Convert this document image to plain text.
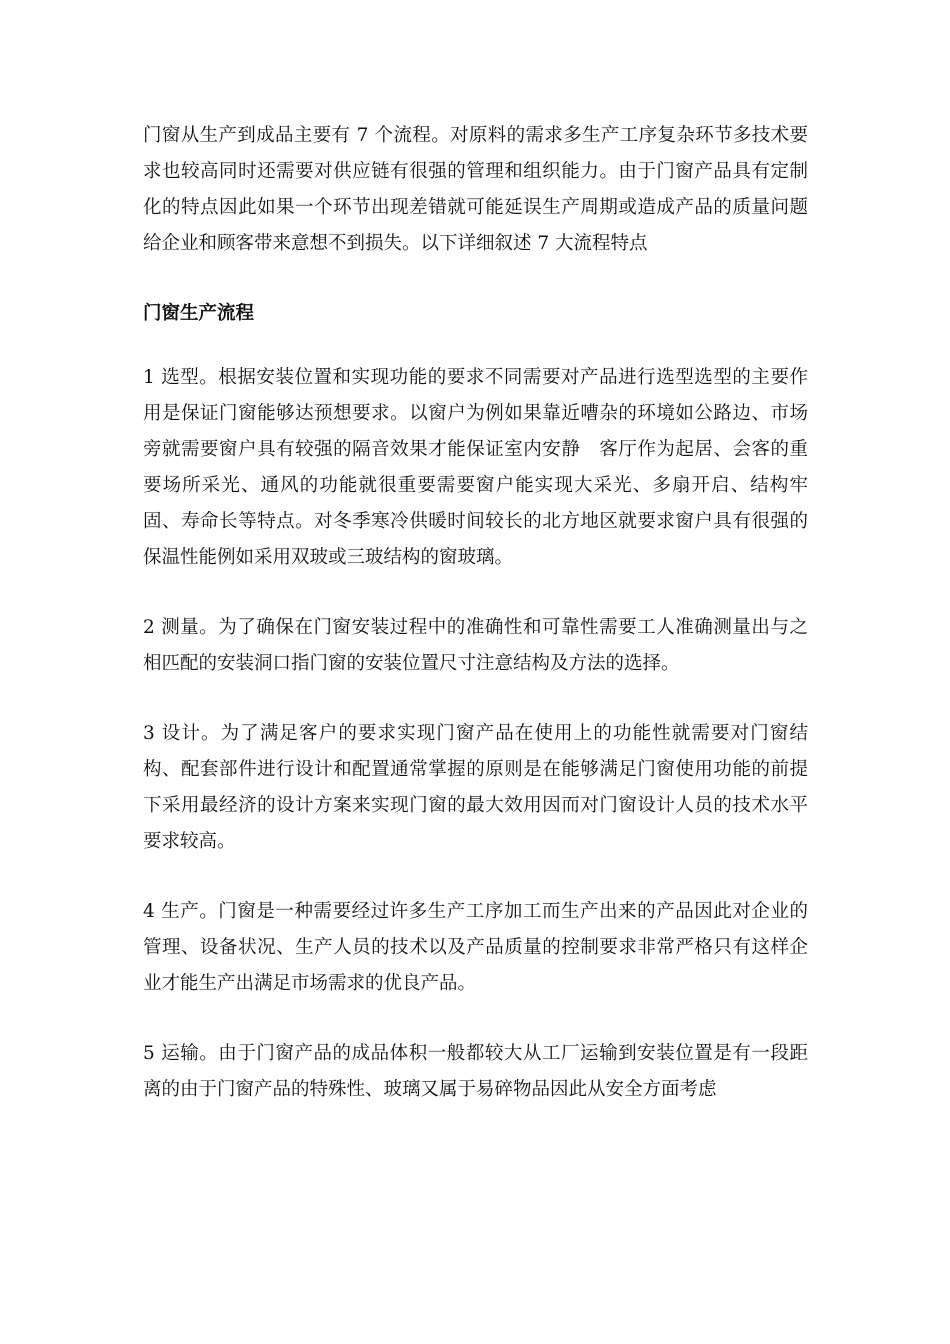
门窗从生产到成品主要有 7 个流程。对原料的需求多生产工序复杂环节多技术要求也较高同时还需要对供应链有很强的管理和组织能力。由于门窗产品具有定制化的特点因此如果一个环节出现差错就可能延误生产周期或造成产品的质量问题给企业和顾客带来意想不到损失。以下详细叙述 7 大流程特点

门窗生产流程

1 选型。根据安装位置和实现功能的要求不同需要对产品进行选型选型的主要作用是保证门窗能够达预想要求。以窗户为例如果靠近嘈杂的环境如公路边、市场旁就需要窗户具有较强的隔音效果才能保证室内安静　客厅作为起居、会客的重要场所采光、通风的功能就很重要需要窗户能实现大采光、多扇开启、结构牢固、寿命长等特点。对冬季寒冷供暖时间较长的北方地区就要求窗户具有很强的保温性能例如采用双玻或三玻结构的窗玻璃。

2 测量。为了确保在门窗安装过程中的准确性和可靠性需要工人准确测量出与之相匹配的安装洞口指门窗的安装位置尺寸注意结构及方法的选择。

3 设计。为了满足客户的要求实现门窗产品在使用上的功能性就需要对门窗结构、配套部件进行设计和配置通常掌握的原则是在能够满足门窗使用功能的前提下采用最经济的设计方案来实现门窗的最大效用因而对门窗设计人员的技术水平要求较高。

4 生产。门窗是一种需要经过许多生产工序加工而生产出来的产品因此对企业的管理、设备状况、生产人员的技术以及产品质量的控制要求非常严格只有这样企业才能生产出满足市场需求的优良产品。

5 运输。由于门窗产品的成品体积一般都较大从工厂运输到安装位置是有一段距离的由于门窗产品的特殊性、玻璃又属于易碎物品因此从安全方面考虑
